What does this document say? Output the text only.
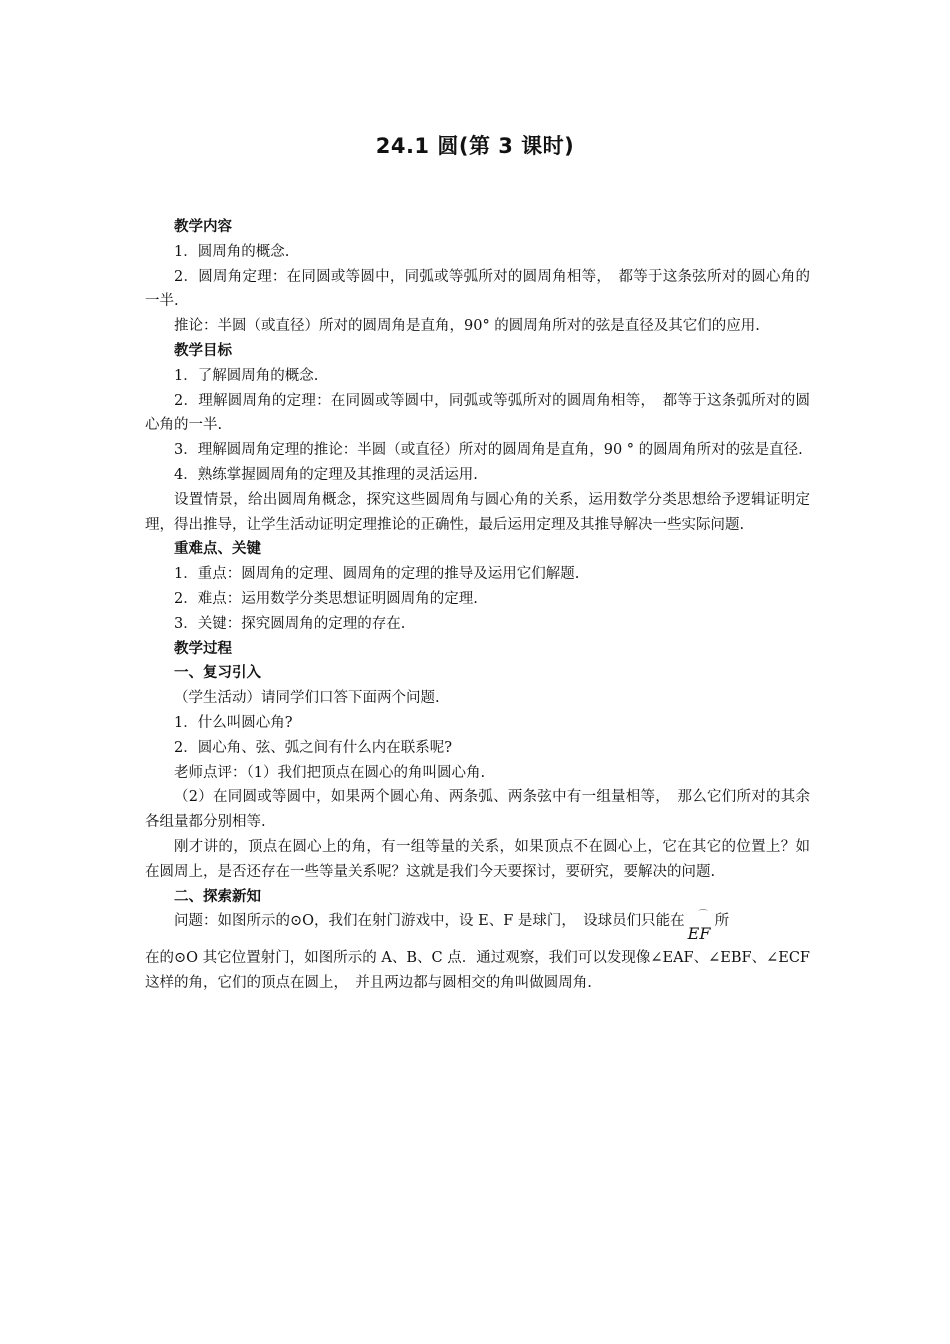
24.1 圆(第 3 课时)

教学内容

1．圆周角的概念.

2．圆周角定理：在同圆或等圆中，同弧或等弧所对的圆周角相等，　都等于这条弦所对的圆心角的一半.

推论：半圆（或直径）所对的圆周角是直角，90° 的圆周角所对的弦是直径及其它们的应用.

教学目标

1．了解圆周角的概念.

2．理解圆周角的定理：在同圆或等圆中，同弧或等弧所对的圆周角相等，　都等于这条弧所对的圆心角的一半.

3．理解圆周角定理的推论：半圆（或直径）所对的圆周角是直角，90 ° 的圆周角所对的弦是直径.

4．熟练掌握圆周角的定理及其推理的灵活运用.

设置情景，给出圆周角概念，探究这些圆周角与圆心角的关系，运用数学分类思想给予逻辑证明定理，得出推导，让学生活动证明定理推论的正确性，最后运用定理及其推导解决一些实际问题.

重难点、关键

1．重点：圆周角的定理、圆周角的定理的推导及运用它们解题.

2．难点：运用数学分类思想证明圆周角的定理.

3．关键：探究圆周角的定理的存在.

教学过程

一、复习引入

（学生活动）请同学们口答下面两个问题.

1．什么叫圆心角?

2．圆心角、弦、弧之间有什么内在联系呢?

老师点评：（1）我们把顶点在圆心的角叫圆心角.

（2）在同圆或等圆中，如果两个圆心角、两条弧、两条弦中有一组量相等，　那么它们所对的其余各组量都分别相等.

刚才讲的，顶点在圆心上的角，有一组等量的关系，如果顶点不在圆心上，它在其它的位置上？如在圆周上，是否还存在一些等量关系呢？这就是我们今天要探讨，要研究，要解决的问题.

二、探索新知

问题：如图所示的⊙O，我们在射门游戏中，设 E、F 是球门，　设球员们只能在 ⌒
EF
所

在的⊙O 其它位置射门，如图所示的 A、B、C 点．通过观察，我们可以发现像∠EAF、∠EBF、∠ECF 这样的角，它们的顶点在圆上，　并且两边都与圆相交的角叫做圆周角.
